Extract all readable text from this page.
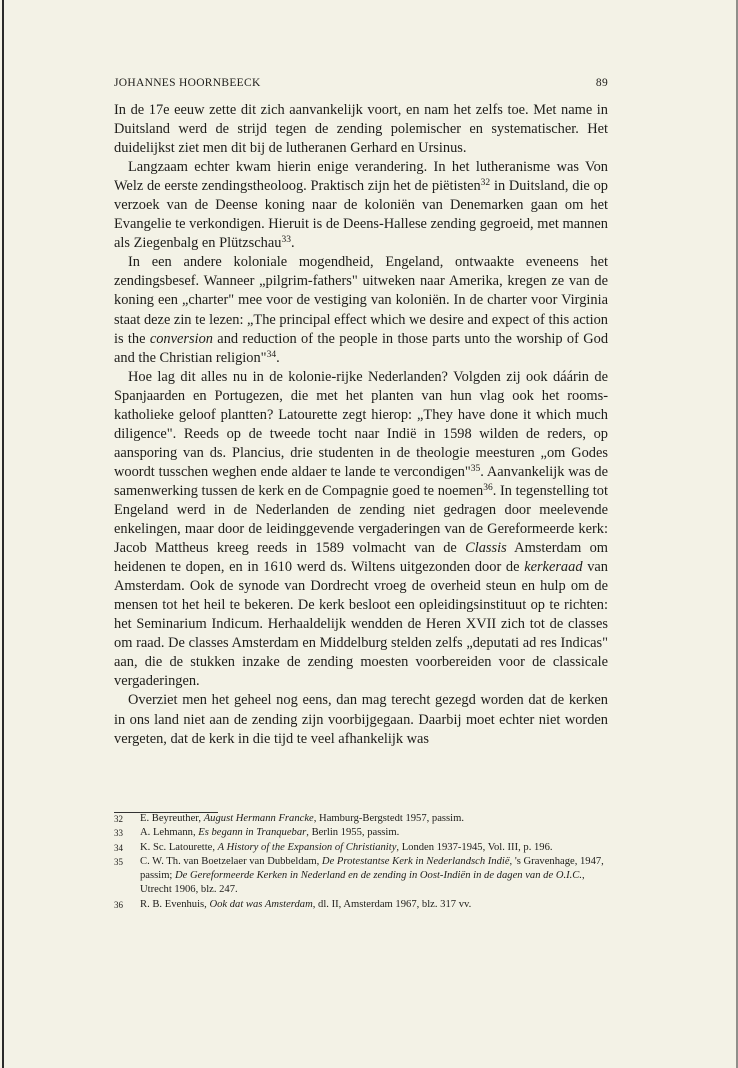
JOHANNES HOORNBEECK	89

In de 17e eeuw zette dit zich aanvankelijk voort, en nam het zelfs toe. Met name in Duitsland werd de strijd tegen de zending polemischer en systematischer. Het duidelijkst ziet men dit bij de lutheranen Gerhard en Ursinus.

Langzaam echter kwam hierin enige verandering. In het lutheranisme was Von Welz de eerste zendingstheoloog. Praktisch zijn het de piëtisten$^{32}$ in Duitsland, die op verzoek van de Deense koning naar de koloniën van Denemarken gaan om het Evangelie te verkondigen. Hieruit is de Deens-Hallese zending gegroeid, met mannen als Ziegenbalg en Plützschau$^{33}$.

In een andere koloniale mogendheid, Engeland, ontwaakte eveneens het zendingsbesef. Wanneer „pilgrim-fathers" uitweken naar Amerika, kregen ze van de koning een „charter" mee voor de vestiging van koloniën. In de charter voor Virginia staat deze zin te lezen: „The principal effect which we desire and expect of this action is the conversion and reduction of the people in those parts unto the worship of God and the Christian religion"$^{34}$.

Hoe lag dit alles nu in de kolonie-rijke Nederlanden? Volgden zij ook dáárin de Spanjaarden en Portugezen, die met het planten van hun vlag ook het rooms-katholieke geloof plantten? Latourette zegt hierop: „They have done it which much diligence". Reeds op de tweede tocht naar Indië in 1598 wilden de reders, op aansporing van ds. Plancius, drie studenten in de theologie meesturen „om Godes woordt tusschen weghen ende aldaer te lande te vercondigen"$^{35}$. Aanvankelijk was de samenwerking tussen de kerk en de Compagnie goed te noemen$^{36}$. In tegenstelling tot Engeland werd in de Nederlanden de zending niet gedragen door meelevende enkelingen, maar door de leidinggevende vergaderingen van de Gereformeerde kerk: Jacob Mattheus kreeg reeds in 1589 volmacht van de Classis Amsterdam om heidenen te dopen, en in 1610 werd ds. Wiltens uitgezonden door de kerkeraad van Amsterdam. Ook de synode van Dordrecht vroeg de overheid steun en hulp om de mensen tot het heil te bekeren. De kerk besloot een opleidingsinstituut op te richten: het Seminarium Indicum. Herhaaldelijk wendden de Heren XVII zich tot de classes om raad. De classes Amsterdam en Middelburg stelden zelfs „deputati ad res Indicas" aan, die de stukken inzake de zending moesten voorbereiden voor de classicale vergaderingen.

Overziet men het geheel nog eens, dan mag terecht gezegd worden dat de kerken in ons land niet aan de zending zijn voorbijgegaan. Daarbij moet echter niet worden vergeten, dat de kerk in die tijd te veel afhankelijk was

32	E. Beyreuther, August Hermann Francke, Hamburg-Bergstedt 1957, passim.
33	A. Lehmann, Es begann in Tranquebar, Berlin 1955, passim.
34	K. Sc. Latourette, A History of the Expansion of Christianity, Londen 1937-1945, Vol. III, p. 196.
35	C. W. Th. van Boetzelaer van Dubbeldam, De Protestantse Kerk in Nederlandsch Indië, 's Gravenhage, 1947, passim; De Gereformeerde Kerken in Nederland en de zending in Oost-Indiën in de dagen van de O.I.C., Utrecht 1906, blz. 247.
36	R. B. Evenhuis, Ook dat was Amsterdam, dl. II, Amsterdam 1967, blz. 317 vv.
